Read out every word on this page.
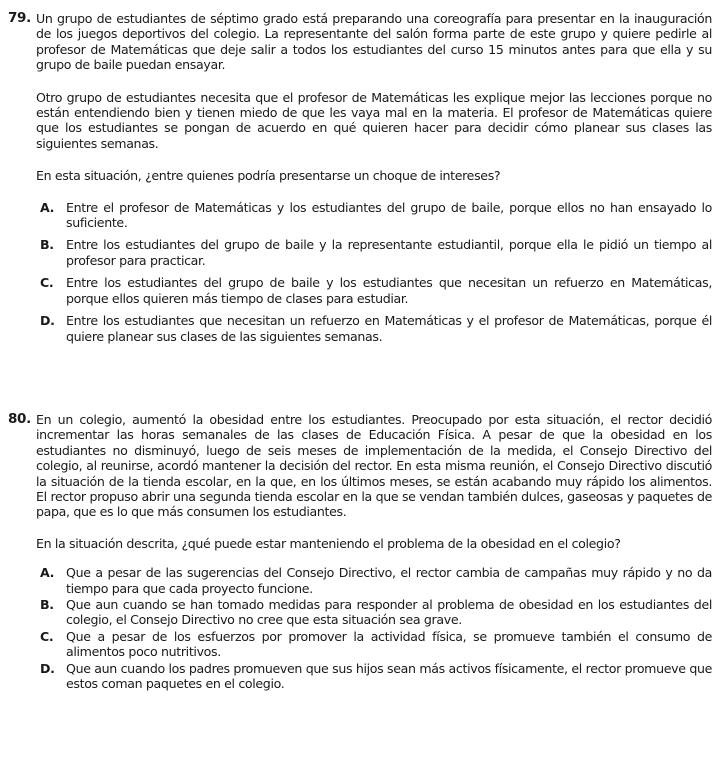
79. Un grupo de estudiantes de séptimo grado está preparando una coreografía para presentar en la inauguración de los juegos deportivos del colegio. La representante del salón forma parte de este grupo y quiere pedirle al profesor de Matemáticas que deje salir a todos los estudiantes del curso 15 minutos antes para que ella y su grupo de baile puedan ensayar.

Otro grupo de estudiantes necesita que el profesor de Matemáticas les explique mejor las lecciones porque no están entendiendo bien y tienen miedo de que les vaya mal en la materia. El profesor de Matemáticas quiere que los estudiantes se pongan de acuerdo en qué quieren hacer para decidir cómo planear sus clases las siguientes semanas.

En esta situación, ¿entre quienes podría presentarse un choque de intereses?

A. Entre el profesor de Matemáticas y los estudiantes del grupo de baile, porque ellos no han ensayado lo suficiente.
B. Entre los estudiantes del grupo de baile y la representante estudiantil, porque ella le pidió un tiempo al profesor para practicar.
C.	Entre los estudiantes del grupo de baile y los estudiantes que necesitan un refuerzo en Matemáticas, porque ellos quieren más tiempo de clases para estudiar.
D. Entre los estudiantes que necesitan un refuerzo en Matemáticas y el profesor de Matemáticas, porque él quiere planear sus clases de las siguientes semanas.
80. En un colegio, aumentó la obesidad entre los estudiantes. Preocupado por esta situación, el rector decidió incrementar las horas semanales de las clases de Educación Física. A pesar de que la obesidad en los estudiantes no disminuyó, luego de seis meses de implementación de la medida, el Consejo Directivo del colegio, al reunirse, acordó mantener la decisión del rector. En esta misma reunión, el Consejo Directivo discutió la situación de la tienda escolar, en la que, en los últimos meses, se están acabando muy rápido los alimentos. El rector propuso abrir una segunda tienda escolar en la que se vendan también dulces, gaseosas y paquetes de papa, que es lo que más consumen los estudiantes.

En la situación descrita, ¿qué puede estar manteniendo el problema de la obesidad en el colegio?

A. Que a pesar de las sugerencias del Consejo Directivo, el rector cambia de campañas muy rápido y no da tiempo para que cada proyecto funcione.
B. Que aun cuando se han tomado medidas para responder al problema de obesidad en los estudiantes del colegio, el Consejo Directivo no cree que esta situación sea grave.
C.	Que a pesar de los esfuerzos por promover la actividad física, se promueve también el consumo de alimentos poco nutritivos.
D. Que aun cuando los padres promueven que sus hijos sean más activos físicamente, el rector promueve que estos coman paquetes en el colegio.
